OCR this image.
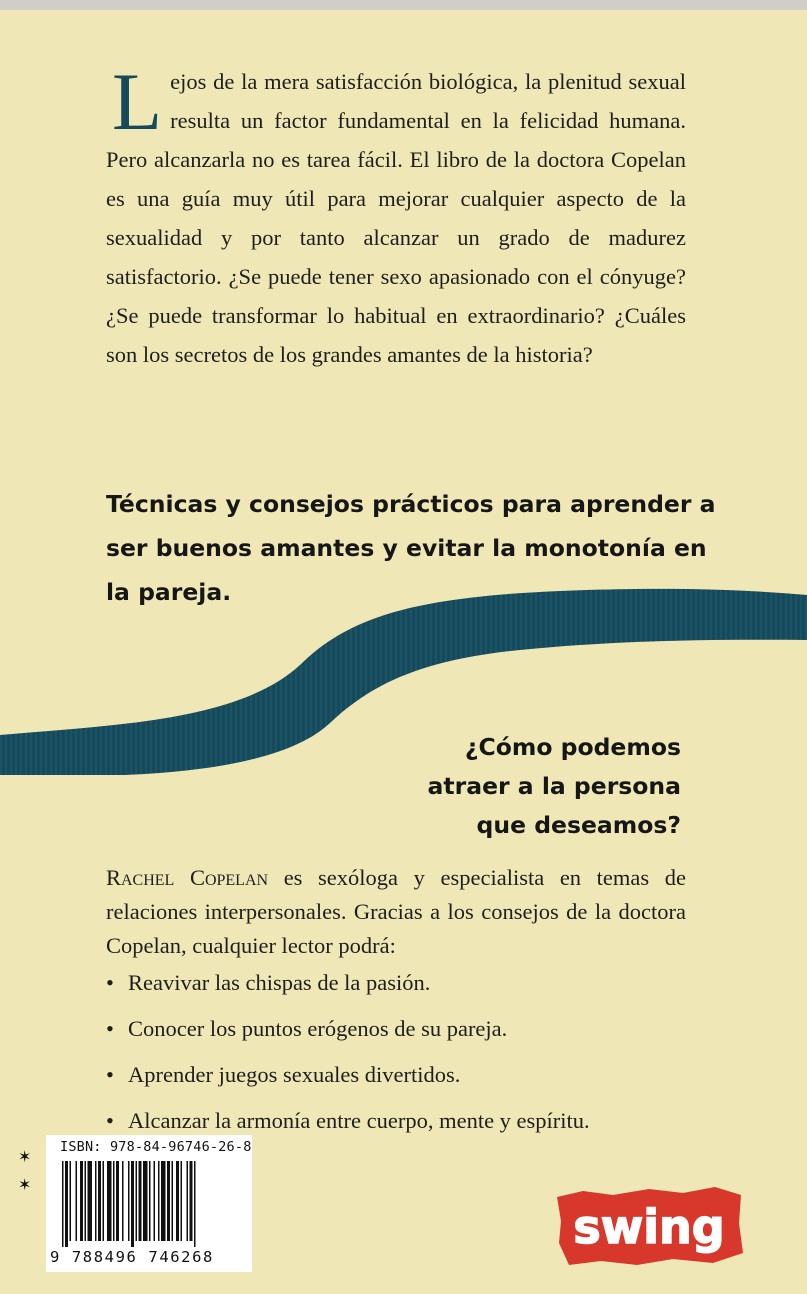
Lejos de la mera satisfacción biológica, la plenitud sexual resulta un factor fundamental en la felicidad humana. Pero alcanzarla no es tarea fácil. El libro de la doctora Copelan es una guía muy útil para mejorar cualquier aspecto de la sexualidad y por tanto alcanzar un grado de madurez satisfactorio. ¿Se puede tener sexo apasionado con el cónyuge? ¿Se puede transformar lo habitual en extraordinario? ¿Cuáles son los secretos de los grandes amantes de la historia?

Técnicas y consejos prácticos para aprender a ser buenos amantes y evitar la monotonía en la pareja.

¿Cómo podemos
atraer a la persona
que deseamos?

Rachel Copelan es sexóloga y especialista en temas de relaciones interpersonales. Gracias a los consejos de la doctora Copelan, cualquier lector podrá:

• Reavivar las chispas de la pasión.
• Conocer los puntos erógenos de su pareja.
• Aprender juegos sexuales divertidos.
• Alcanzar la armonía entre cuerpo, mente y espíritu.
✶
✶
ISBN: 978-84-96746-26-8
9 788496 746268
swing
